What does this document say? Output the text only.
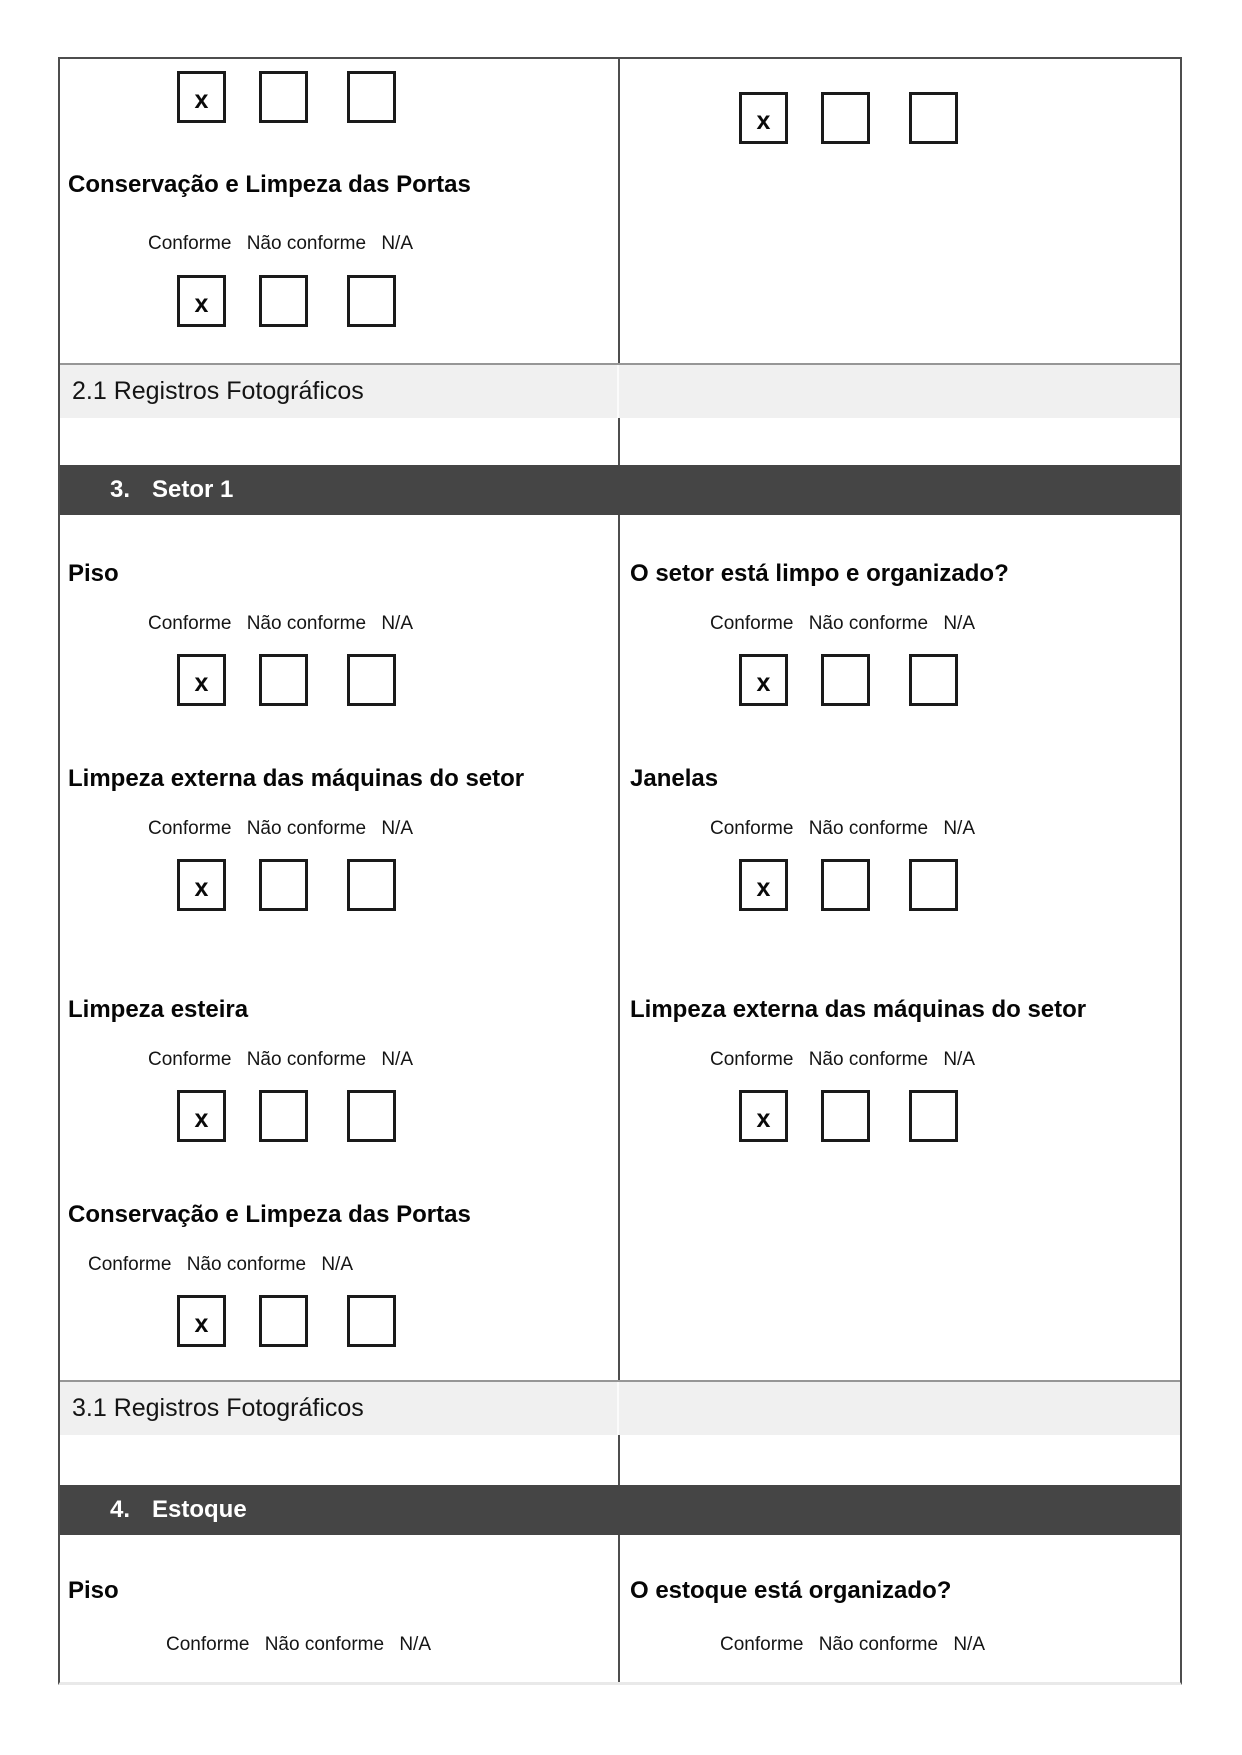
x
x
Conservação e Limpeza das Portas
Conforme Não conforme N/A
x
2.1 Registros Fotográficos
3. Setor 1
Piso
Conforme Não conforme N/A
x
O setor está limpo e organizado?
Conforme Não conforme N/A
x
Limpeza externa das máquinas do setor
Conforme Não conforme N/A
x
Janelas
Conforme Não conforme N/A
x
Limpeza esteira
Conforme Não conforme N/A
x
Limpeza externa das máquinas do setor
Conforme Não conforme N/A
x
Conservação e Limpeza das Portas
Conforme Não conforme N/A
x
3.1 Registros Fotográficos
4. Estoque
Piso
Conforme Não conforme N/A
O estoque está organizado?
Conforme Não conforme N/A
